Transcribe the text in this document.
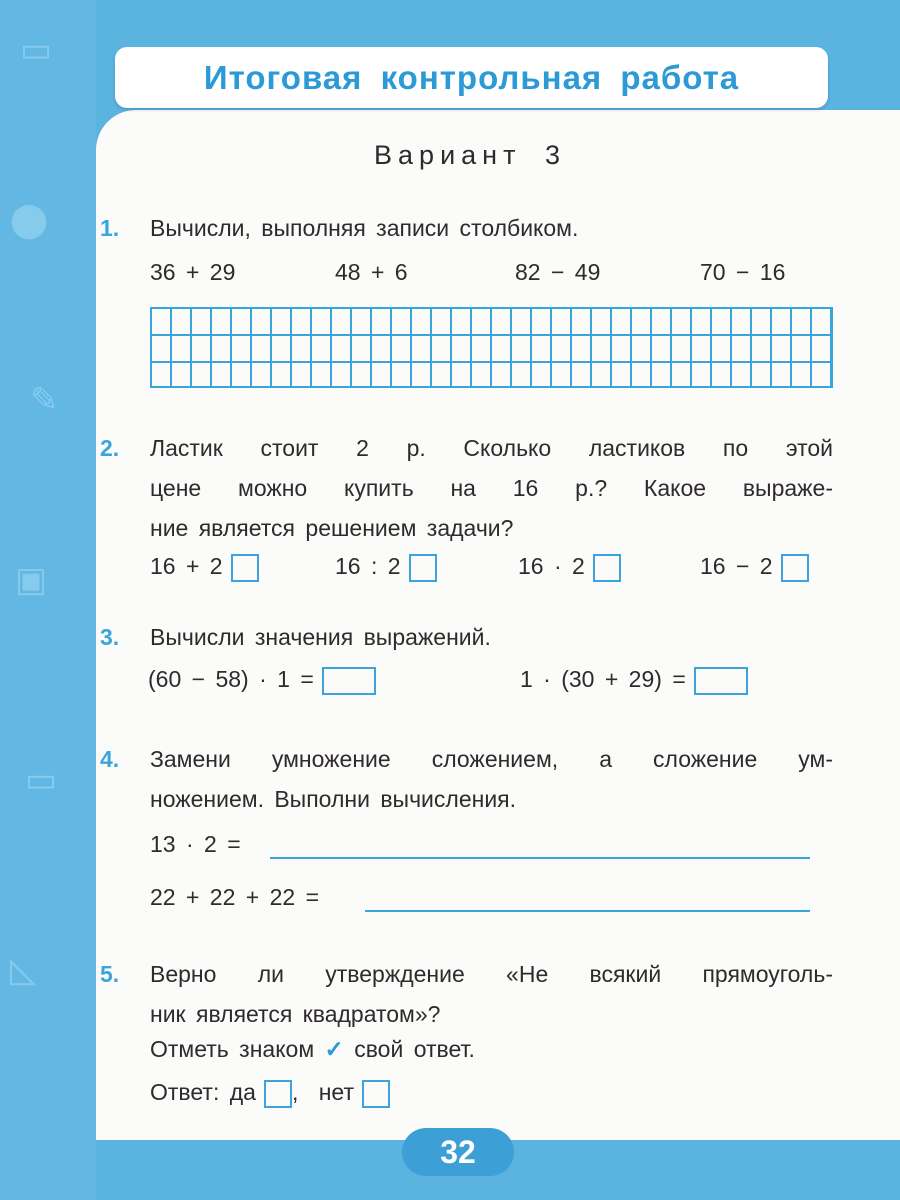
▭
⬤
✎
▣
▭
◺
Итоговая контрольная работа
Вариант 3
1. Вычисли, выполняя записи столбиком.
36 + 29	48 + 6	82 − 49	70 − 16
2. Ластик стоит 2 р. Сколько ластиков по этой
цене можно купить на 16 р.? Какое выраже-
ние является решением задачи?
16 + 2	16 : 2	16 · 2	16 − 2
3. Вычисли значения выражений.
(60 − 58) · 1 =	1 · (30 + 29) =
4. Замени умножение сложением, а сложение ум-
ножением. Выполни вычисления.
13 · 2 =
22 + 22 + 22 =
5. Верно ли утверждение «Не всякий прямоуголь-
ник является квадратом»?
Отметь знаком ✓ свой ответ.
Ответ: да , нет
32
